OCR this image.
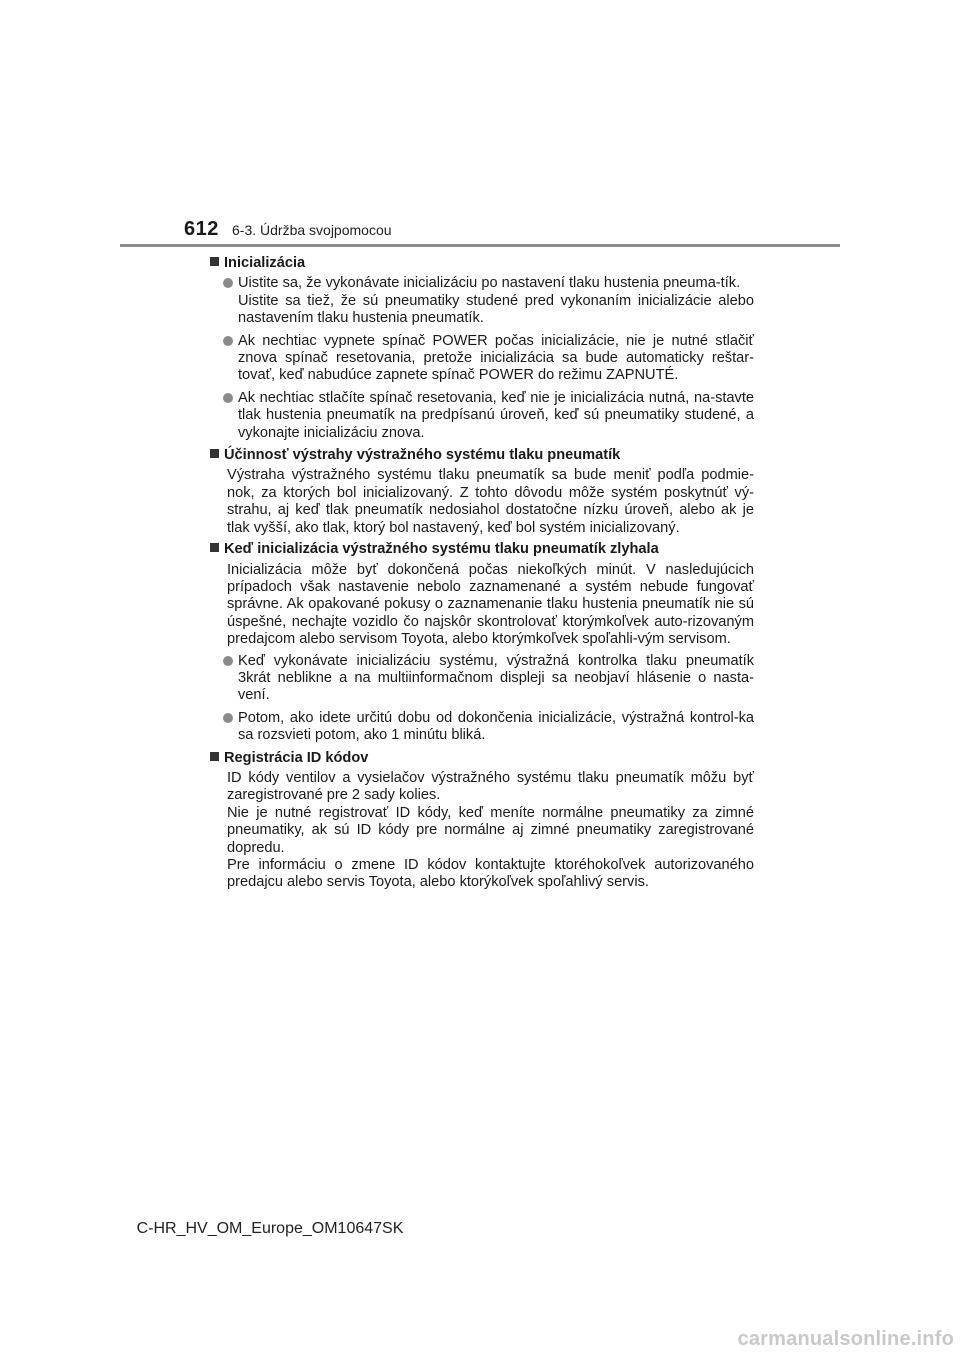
612 6-3. Údržba svojpomocou
Inicializácia

Uistite sa, že vykonávate inicializáciu po nastavení tlaku hustenia pneuma-tík.

Uistite sa tiež, že sú pneumatiky studené pred vykonaním inicializácie alebo nastavením tlaku hustenia pneumatík.

Ak nechtiac vypnete spínač POWER počas inicializácie, nie je nutné stlačiť znova spínač resetovania, pretože inicializácia sa bude automaticky reštar-tovať, keď nabudúce zapnete spínač POWER do režimu ZAPNUTÉ.

Ak nechtiac stlačíte spínač resetovania, keď nie je inicializácia nutná, na-stavte tlak hustenia pneumatík na predpísanú úroveň, keď sú pneumatiky studené, a vykonajte inicializáciu znova.

Účinnosť výstrahy výstražného systému tlaku pneumatík

Výstraha výstražného systému tlaku pneumatík sa bude meniť podľa podmie-nok, za ktorých bol inicializovaný. Z tohto dôvodu môže systém poskytnúť vý-strahu, aj keď tlak pneumatík nedosiahol dostatočne nízku úroveň, alebo ak je tlak vyšší, ako tlak, ktorý bol nastavený, keď bol systém inicializovaný.

Keď inicializácia výstražného systému tlaku pneumatík zlyhala

Inicializácia môže byť dokončená počas niekoľkých minút. V nasledujúcich prípadoch však nastavenie nebolo zaznamenané a systém nebude fungovať správne. Ak opakované pokusy o zaznamenanie tlaku hustenia pneumatík nie sú úspešné, nechajte vozidlo čo najskôr skontrolovať ktorýmkoľvek auto-rizovaným predajcom alebo servisom Toyota, alebo ktorýmkoľvek spoľahli-vým servisom.

Keď vykonávate inicializáciu systému, výstražná kontrolka tlaku pneumatík 3krát neblikne a na multiinformačnom displeji sa neobjaví hlásenie o nasta-vení.

Potom, ako idete určitú dobu od dokončenia inicializácie, výstražná kontrol-ka sa rozsvieti potom, ako 1 minútu bliká.

Registrácia ID kódov

ID kódy ventilov a vysielačov výstražného systému tlaku pneumatík môžu byť zaregistrované pre 2 sady kolies.

Nie je nutné registrovať ID kódy, keď meníte normálne pneumatiky za zimné pneumatiky, ak sú ID kódy pre normálne aj zimné pneumatiky zaregistrované dopredu.

Pre informáciu o zmene ID kódov kontaktujte ktoréhokoľvek autorizovaného predajcu alebo servis Toyota, alebo ktorýkoľvek spoľahlivý servis.

C-HR_HV_OM_Europe_OM10647SK
carmanualsonline.info
